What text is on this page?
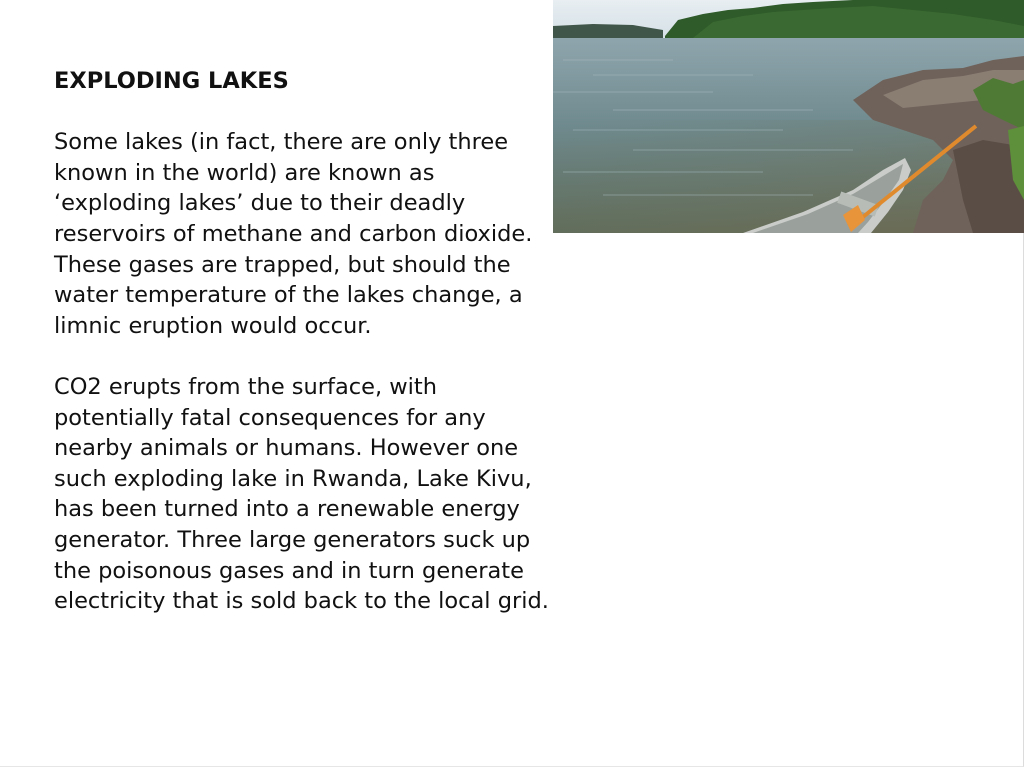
EXPLODING LAKES

Some lakes (in fact, there are only three known in the world) are known as ‘exploding lakes’ due to their deadly reservoirs of methane and carbon dioxide. These gases are trapped, but should the water temperature of the lakes change, a limnic eruption would occur.

CO2 erupts from the surface, with potentially fatal consequences for any nearby animals or humans. However one such exploding lake in Rwanda, Lake Kivu, has been turned into a renewable energy generator. Three large generators suck up the poisonous gases and in turn generate electricity that is sold back to the local grid.
